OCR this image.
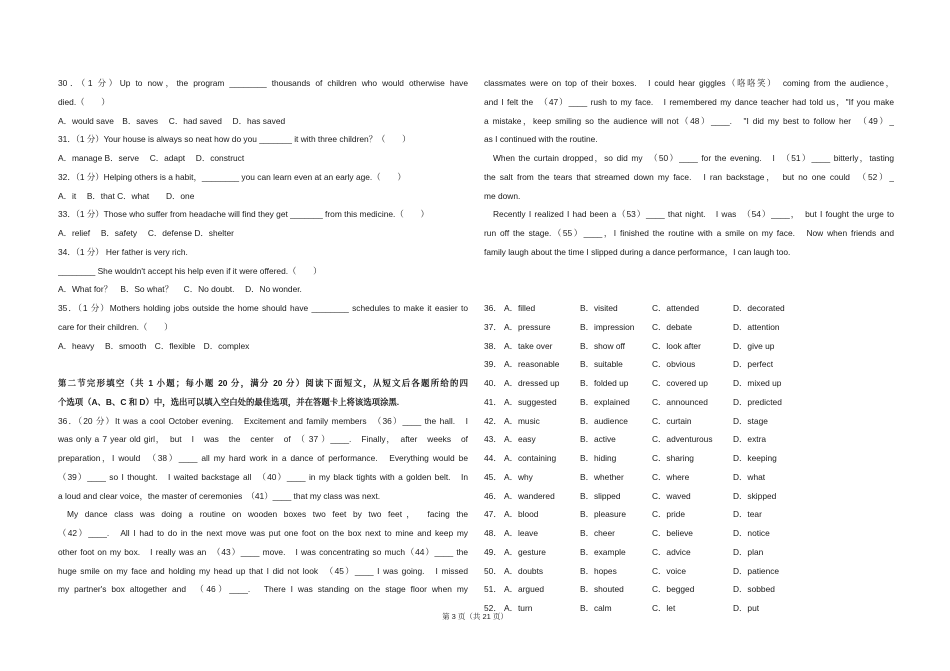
30．（1 分）Up to now，the program ________ thousands of children who would otherwise have
died.（　　）
A．would save　B．saves　 C．had saved　 D．has saved
31．（1 分）Your house is always so neat how do you _______ it with three children？（　　）
A．manage B．serve　 C．adapt　 D．construct
32．（1 分）Helping others is a habit，________ you can learn even at an early age.（　　）
A．it　 B．that C．what　　D．one
33．（1 分）Those who suffer from headache will find they get _______ from this medicine.（　　）
A．relief　 B．safety　 C．defense D．shelter
34．（1 分） Her father is very rich.
________ She wouldn't accept his help even if it were offered.（　　）
A．What for？　B．So what？　 C．No doubt.　 D．No wonder.
35．（1 分）Mothers holding jobs outside the home should have ________ schedules to make it easier to
care for their children.（　　）
A．heavy　 B．smooth　C．flexible　D．complex
第二节完形填空（共 1 小题；每小题 20 分，满分 20 分）阅读下面短文，从短文后各题所给的四
个选项（A、B、C 和 D）中，选出可以填入空白处的最佳选项，并在答题卡上将该选项涂黑.
36．（20 分）It was a cool October evening.　Excitement and family members　（36）____ the hall.　I
was only a 7 year old girl，　but　I　was　the　center　of　（ 37 ）____.　Finally，　after　weeks　of
preparation，I would　（38）____ all my hard work in a dance of performance.　Everything would be
（39）____ so I thought.　I waited backstage all　（40）____ in my black tights with a golden belt.　In
a loud and clear voice，the master of ceremonies　（41）____ that my class was next.
My dance class was doing a routine on wooden boxes two feet by two feet，　facing the
（42）____.　All I had to do in the next move was put one foot on the box next to mine and keep my
other foot on my box.　I really was an　（43）____ move.　I was concentrating so much（44）____ the
huge smile on my face and holding my head up that I did not look　（45）____ I was going.　I missed
my partner's box altogether and　（46）____.　There I was standing on the stage floor when my
classmates were on top of their boxes.　I could hear giggles（咯咯笑）　coming from the audience，
and I felt the　（47）____ rush to my face.　I remembered my dance teacher had told us，"If you make
a mistake，keep smiling so the audience will not（48）____.　"I did my best to follow her　（49）_
as I continued with the routine.
When the curtain dropped，so did my　（50）____ for the evening.　I　（51）____ bitterly，tasting
the salt from the tears that streamed down my face.　I ran backstage，　but no one could　（52）_
me down.
Recently I realized I had been a（53）____ that night.　I was　（54）____，　but I fought the urge to
run off the stage.（55）____，I finished the routine with a smile on my face.　Now when friends and
family laugh about the time I slipped during a dance performance，I can laugh too.
36． A．filled	B．visited	C．attended	D．decorated
37． A．pressure	B．impression C．debate	D．attention
38． A．take over	B．show off	C．look after	D．give up
39． A．reasonable B．suitable	C．obvious	D．perfect
40． A．dressed up B．folded up	C．covered up	D．mixed up
41． A．suggested	B．explained	C．announced	D．predicted
42． A．music	B．audience	C．curtain	D．stage
43． A．easy	B．active	C．adventurous D．extra
44． A．containing	B．hiding	C．sharing	D．keeping
45． A．why	B．whether	C．where	D．what
46． A．wandered	B．slipped	C．waved	D．skipped
47． A．blood	B．pleasure	C．pride	D．tear
48． A．leave	B．cheer	C．believe	D．notice
49． A．gesture	B．example	C．advice	D．plan
50． A．doubts	B．hopes	C．voice	D．patience
51． A．argued	B．shouted	C．begged	D．sobbed
52． A．turn	B．calm	C．let	D．put
第 3 页（共 21 页）
